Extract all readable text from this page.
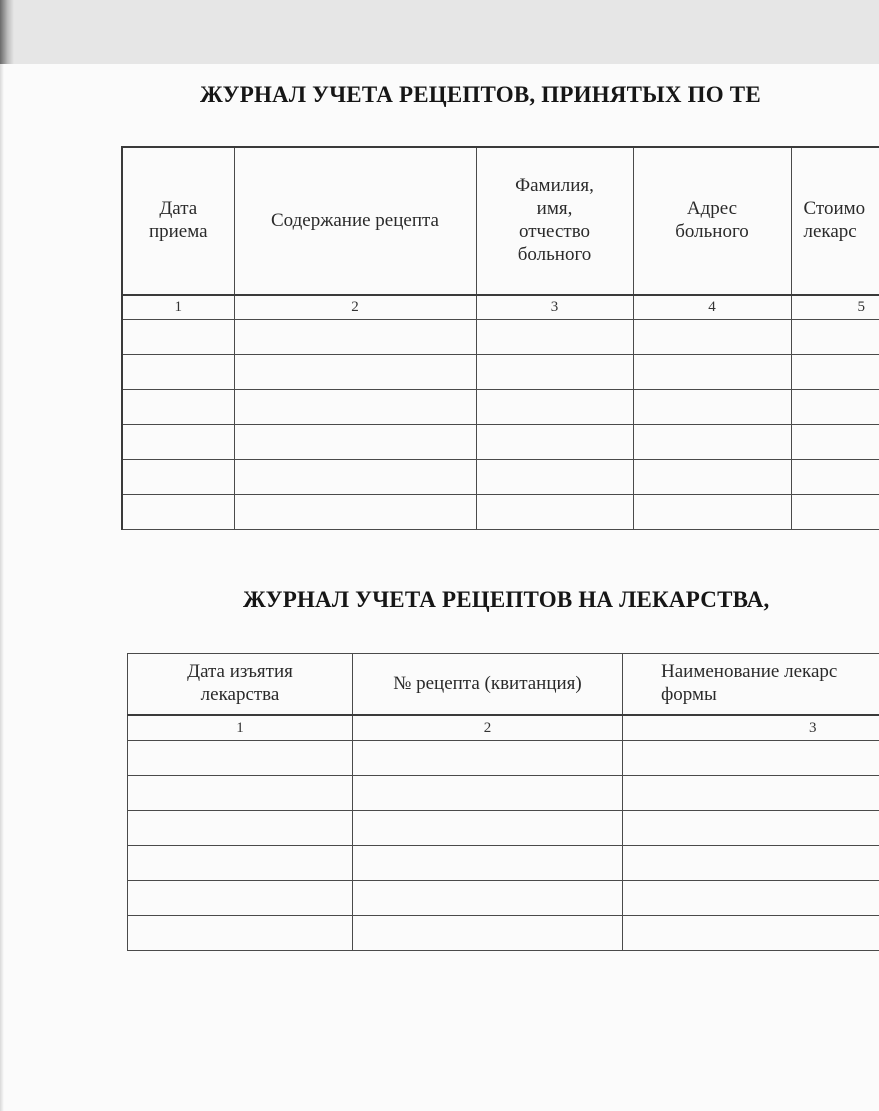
ЖУРНАЛ УЧЕТА РЕЦЕПТОВ, ПРИНЯТЫХ ПО ТЕ
Дата приема	Содержание рецепта	Фамилия, имя, отчество больного	Адрес больного	Стоимо лекарс
1	2	3	4	5

ЖУРНАЛ УЧЕТА РЕЦЕПТОВ НА ЛЕКАРСТВА,
Дата изъятия лекарства	№ рецепта (квитанция)	Наименование лекарс формы
1	2	3
